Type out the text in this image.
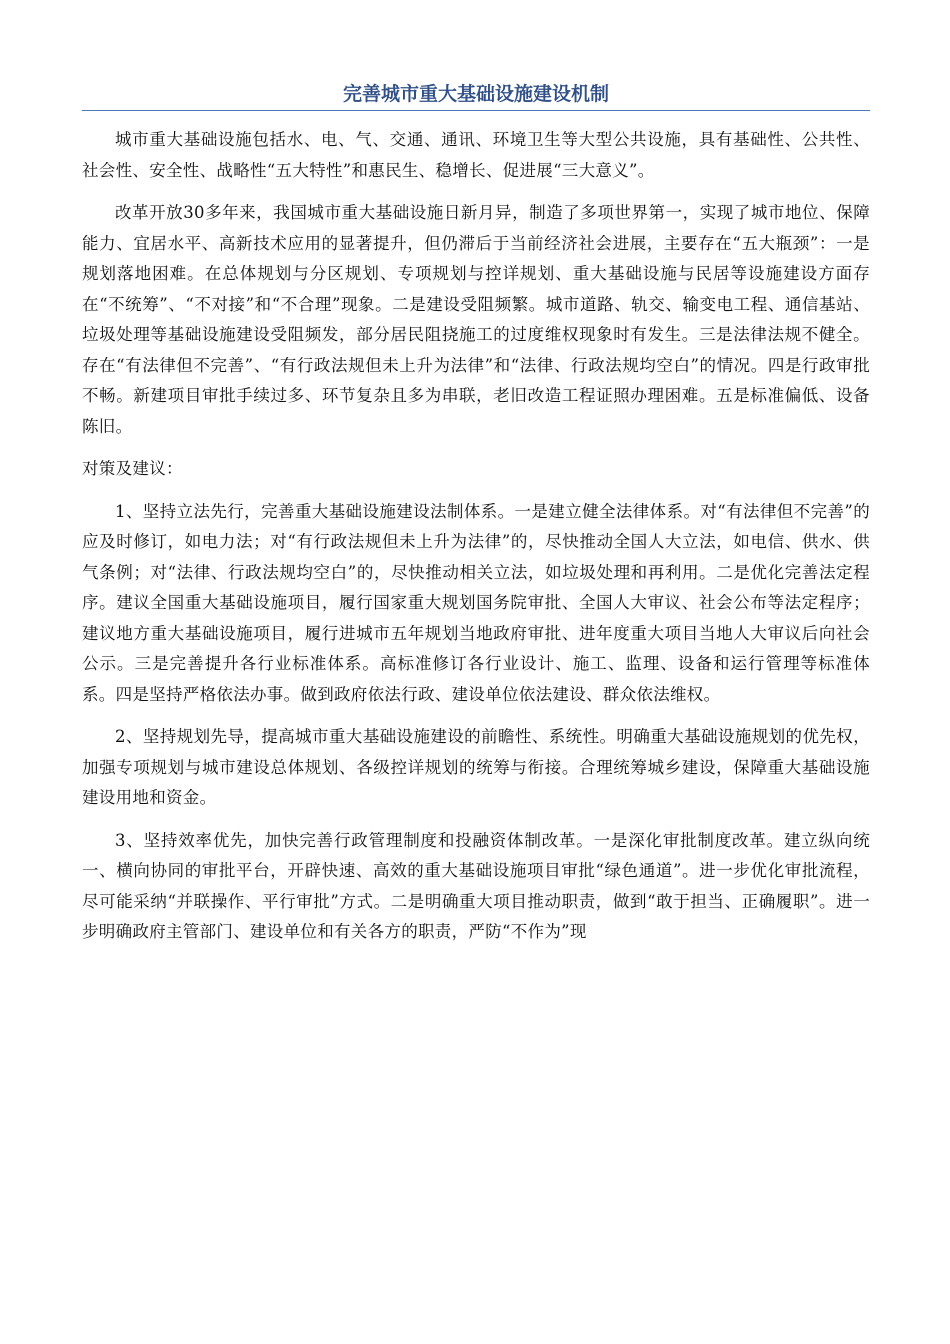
完善城市重大基础设施建设机制

城市重大基础设施包括水、电、气、交通、通讯、环境卫生等大型公共设施，具有基础性、公共性、社会性、安全性、战略性“五大特性”和惠民生、稳增长、促进展“三大意义”。

改革开放30多年来，我国城市重大基础设施日新月异，制造了多项世界第一，实现了城市地位、保障能力、宜居水平、高新技术应用的显著提升，但仍滞后于当前经济社会进展，主要存在“五大瓶颈”：一是规划落地困难。在总体规划与分区规划、专项规划与控详规划、重大基础设施与民居等设施建设方面存在“不统筹”、“不对接”和“不合理”现象。二是建设受阻频繁。城市道路、轨交、输变电工程、通信基站、垃圾处理等基础设施建设受阻频发，部分居民阻挠施工的过度维权现象时有发生。三是法律法规不健全。存在“有法律但不完善”、“有行政法规但未上升为法律”和“法律、行政法规均空白”的情况。四是行政审批不畅。新建项目审批手续过多、环节复杂且多为串联，老旧改造工程证照办理困难。五是标准偏低、设备陈旧。

对策及建议：

1、坚持立法先行，完善重大基础设施建设法制体系。一是建立健全法律体系。对“有法律但不完善”的应及时修订，如电力法；对“有行政法规但未上升为法律”的，尽快推动全国人大立法，如电信、供水、供气条例；对“法律、行政法规均空白”的，尽快推动相关立法，如垃圾处理和再利用。二是优化完善法定程序。建议全国重大基础设施项目，履行国家重大规划国务院审批、全国人大审议、社会公布等法定程序；建议地方重大基础设施项目，履行进城市五年规划当地政府审批、进年度重大项目当地人大审议后向社会公示。三是完善提升各行业标准体系。高标准修订各行业设计、施工、监理、设备和运行管理等标准体系。四是坚持严格依法办事。做到政府依法行政、建设单位依法建设、群众依法维权。

2、坚持规划先导，提高城市重大基础设施建设的前瞻性、系统性。明确重大基础设施规划的优先权，加强专项规划与城市建设总体规划、各级控详规划的统筹与衔接。合理统筹城乡建设，保障重大基础设施建设用地和资金。

3、坚持效率优先，加快完善行政管理制度和投融资体制改革。一是深化审批制度改革。建立纵向统一、横向协同的审批平台，开辟快速、高效的重大基础设施项目审批“绿色通道”。进一步优化审批流程，尽可能采纳“并联操作、平行审批”方式。二是明确重大项目推动职责，做到“敢于担当、正确履职”。进一步明确政府主管部门、建设单位和有关各方的职责，严防“不作为”现
